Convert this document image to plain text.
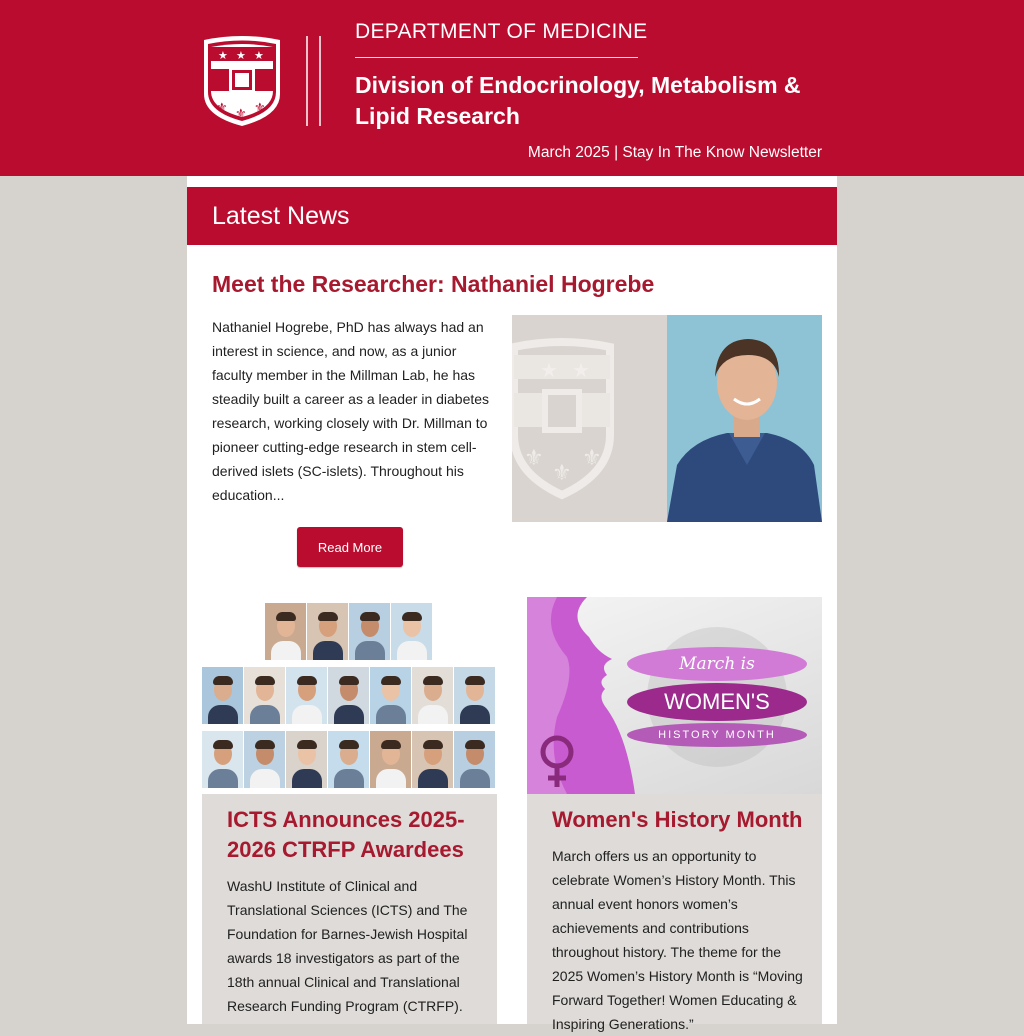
★ ★ ★
⚜ ⚜ ⚜
DEPARTMENT OF MEDICINE
Division of Endocrinology, Metabolism & Lipid Research
March 2025 | Stay In The Know Newsletter
Latest News
Meet the Researcher: Nathaniel Hogrebe
Nathaniel Hogrebe, PhD has always had an interest in science, and now, as a junior faculty member in the Millman Lab, he has steadily built a career as a leader in diabetes research, working closely with Dr. Millman to pioneer cutting-edge research in stem cell-derived islets (SC-islets). Throughout his education...
★ ★
⚜
⚜
⚜
Read More
ICTS Announces 2025-2026 CTRFP Awardees
WashU Institute of Clinical and Translational Sciences (ICTS) and The Foundation for Barnes-Jewish Hospital awards 18 investigators as part of the 18th annual Clinical and Translational Research Funding Program (CTRFP).
March is
WOMEN'S
HISTORY MONTH
Women's History Month
March offers us an opportunity to celebrate Women’s History Month. This annual event honors women’s achievements and contributions throughout history. The theme for the 2025 Women’s History Month is “Moving Forward Together! Women Educating & Inspiring Generations.”
